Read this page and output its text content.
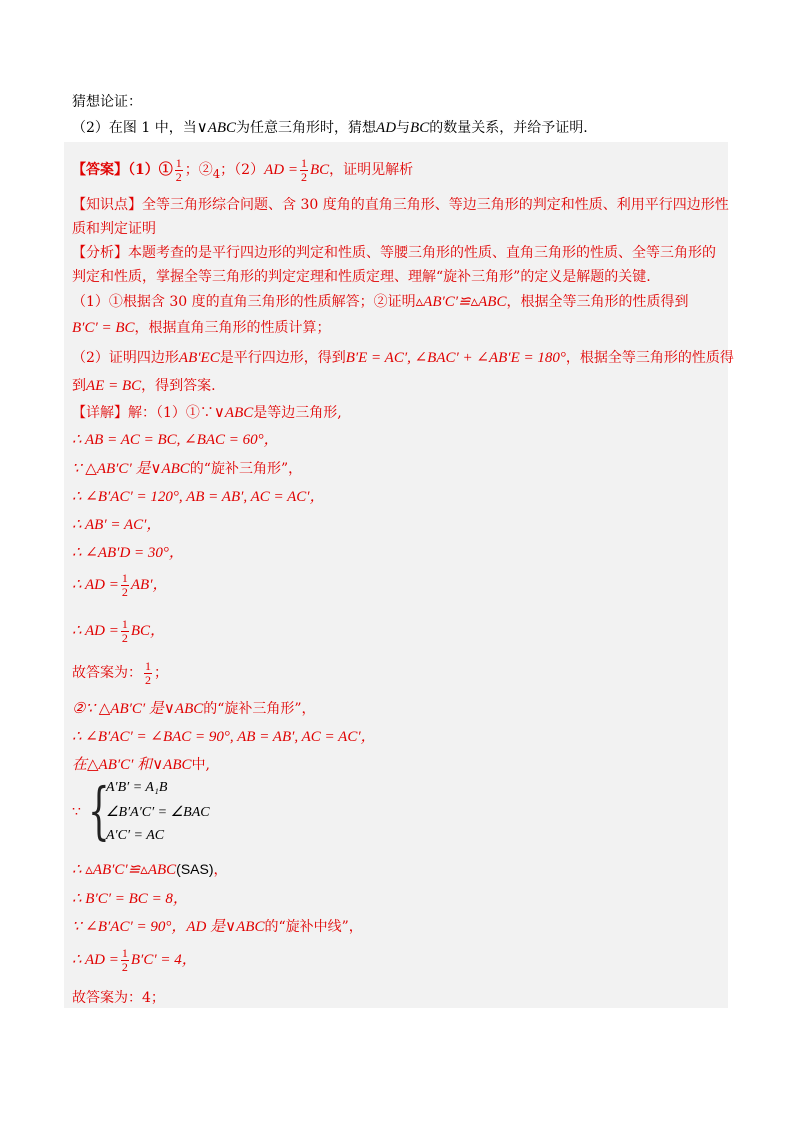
猜想论证：
（2）在图 1 中，当∨ABC为任意三角形时，猜想AD与BC的数量关系，并给予证明.
【答案】（1）① $\frac{1}{2}$ ；$②_4$；$(2)AD = \frac{1}{2}$ BC，证明见解析
【知识点】全等三角形综合问题、含 30 度角的直角三角形、等边三角形的判定和性质、利用平行四边形性
质和判定证明
【分析】本题考查的是平行四边形的判定和性质、等腰三角形的性质、直角三角形的性质、全等三角形的
判定和性质，掌握全等三角形的判定定理和性质定理、理解“旋补三角形”的定义是解题的关键.
（1）①根据含 30 度的直角三角形的性质解答；②证明▵AB′C′≌▵ABC，根据全等三角形的性质得到
B′C′ = BC，根据直角三角形的性质计算；
（2）证明四边形AB′EC是平行四边形，得到B′E = AC′, ∠BAC′ + ∠AB′E = 180°，根据全等三角形的性质得
到AE = BC，得到答案.
【详解】解：（1）①∵∨ABC是等边三角形,
∴ AB = AC = BC, ∠BAC = 60°，
∵ △AB′C′ 是∨ABC的“旋补三角形”，
∴ ∠B′AC′ = 120°, AB = AB′, AC = AC′，
∴ AB′ = AC′，
∴ ∠AB′D = 30°，
∴ AD = $\frac{1}{2} AB'$，
∴ AD = $\frac{1}{2}$ BC，
故答案为： $\frac{1}{2}$ ；
②∵ △AB′C′ 是∨ABC的“旋补三角形”，
∴ ∠B′AC′ = ∠BAC = 90°, AB = AB′, AC = AC′，
在△AB′C′ 和∨ABC中,
∵ {
A′B′ = A₁B
∠B′A′C′ = ∠BAC
A′C′ = AC
∴ ▵AB′C′≌▵ABC(SAS)，
∴ B′C′ = BC = 8，
∵ ∠B′AC′ = 90°，AD 是∨ABC的“旋补中线”，
∴ AD = $\frac{1}{2} B'C' = 4$，
故答案为：4；
